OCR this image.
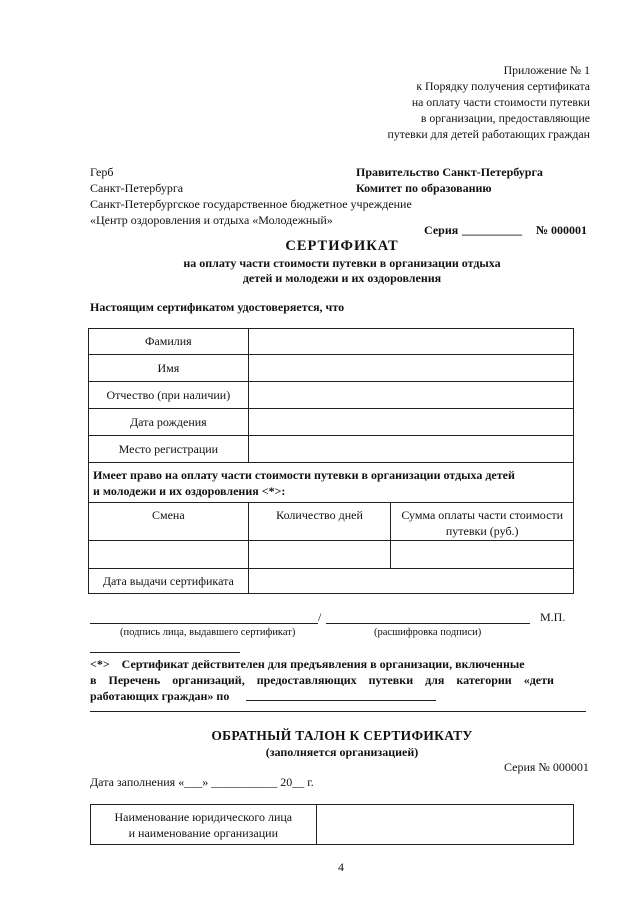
Приложение № 1
к Порядку получения сертификата
на оплату части стоимости путевки
в организации, предоставляющие
путевки для детей работающих граждан
Герб
Санкт-Петербурга
Санкт-Петербургское государственное бюджетное учреждение
«Центр оздоровления и отдыха «Молодежный»
Правительство Санкт-Петербурга
Комитет по образованию
Серия __________ № 000001
СЕРТИФИКАТ
на оплату части стоимости путевки в организации отдыха
детей и молодежи и их оздоровления
Настоящим сертификатом удостоверяется, что
Фамилия		
Имя		
Отчество (при наличии)		
Дата рождения		
Место регистрации		

Имеет право на оплату части стоимости путевки в организации отдыха детей
и молодежи и их оздоровления <*>:		

Смена	Количество дней	Сумма оплаты части стоимости путевки (руб.)

Дата выдачи сертификата		
/	М.П.
(подпись лица, выдавшего сертификат)	(расшифровка подписи)
<*>    Сертификат действителен для предъявления в организации, включенные
в    Перечень    организаций,    предоставляющих    путевки    для    категории    «дети
работающих граждан» по
ОБРАТНЫЙ ТАЛОН К СЕРТИФИКАТУ
(заполняется организацией)
Серия № 000001
Дата заполнения «___» ___________ 20__ г.
Наименование юридического лица
и наименование организации

4
